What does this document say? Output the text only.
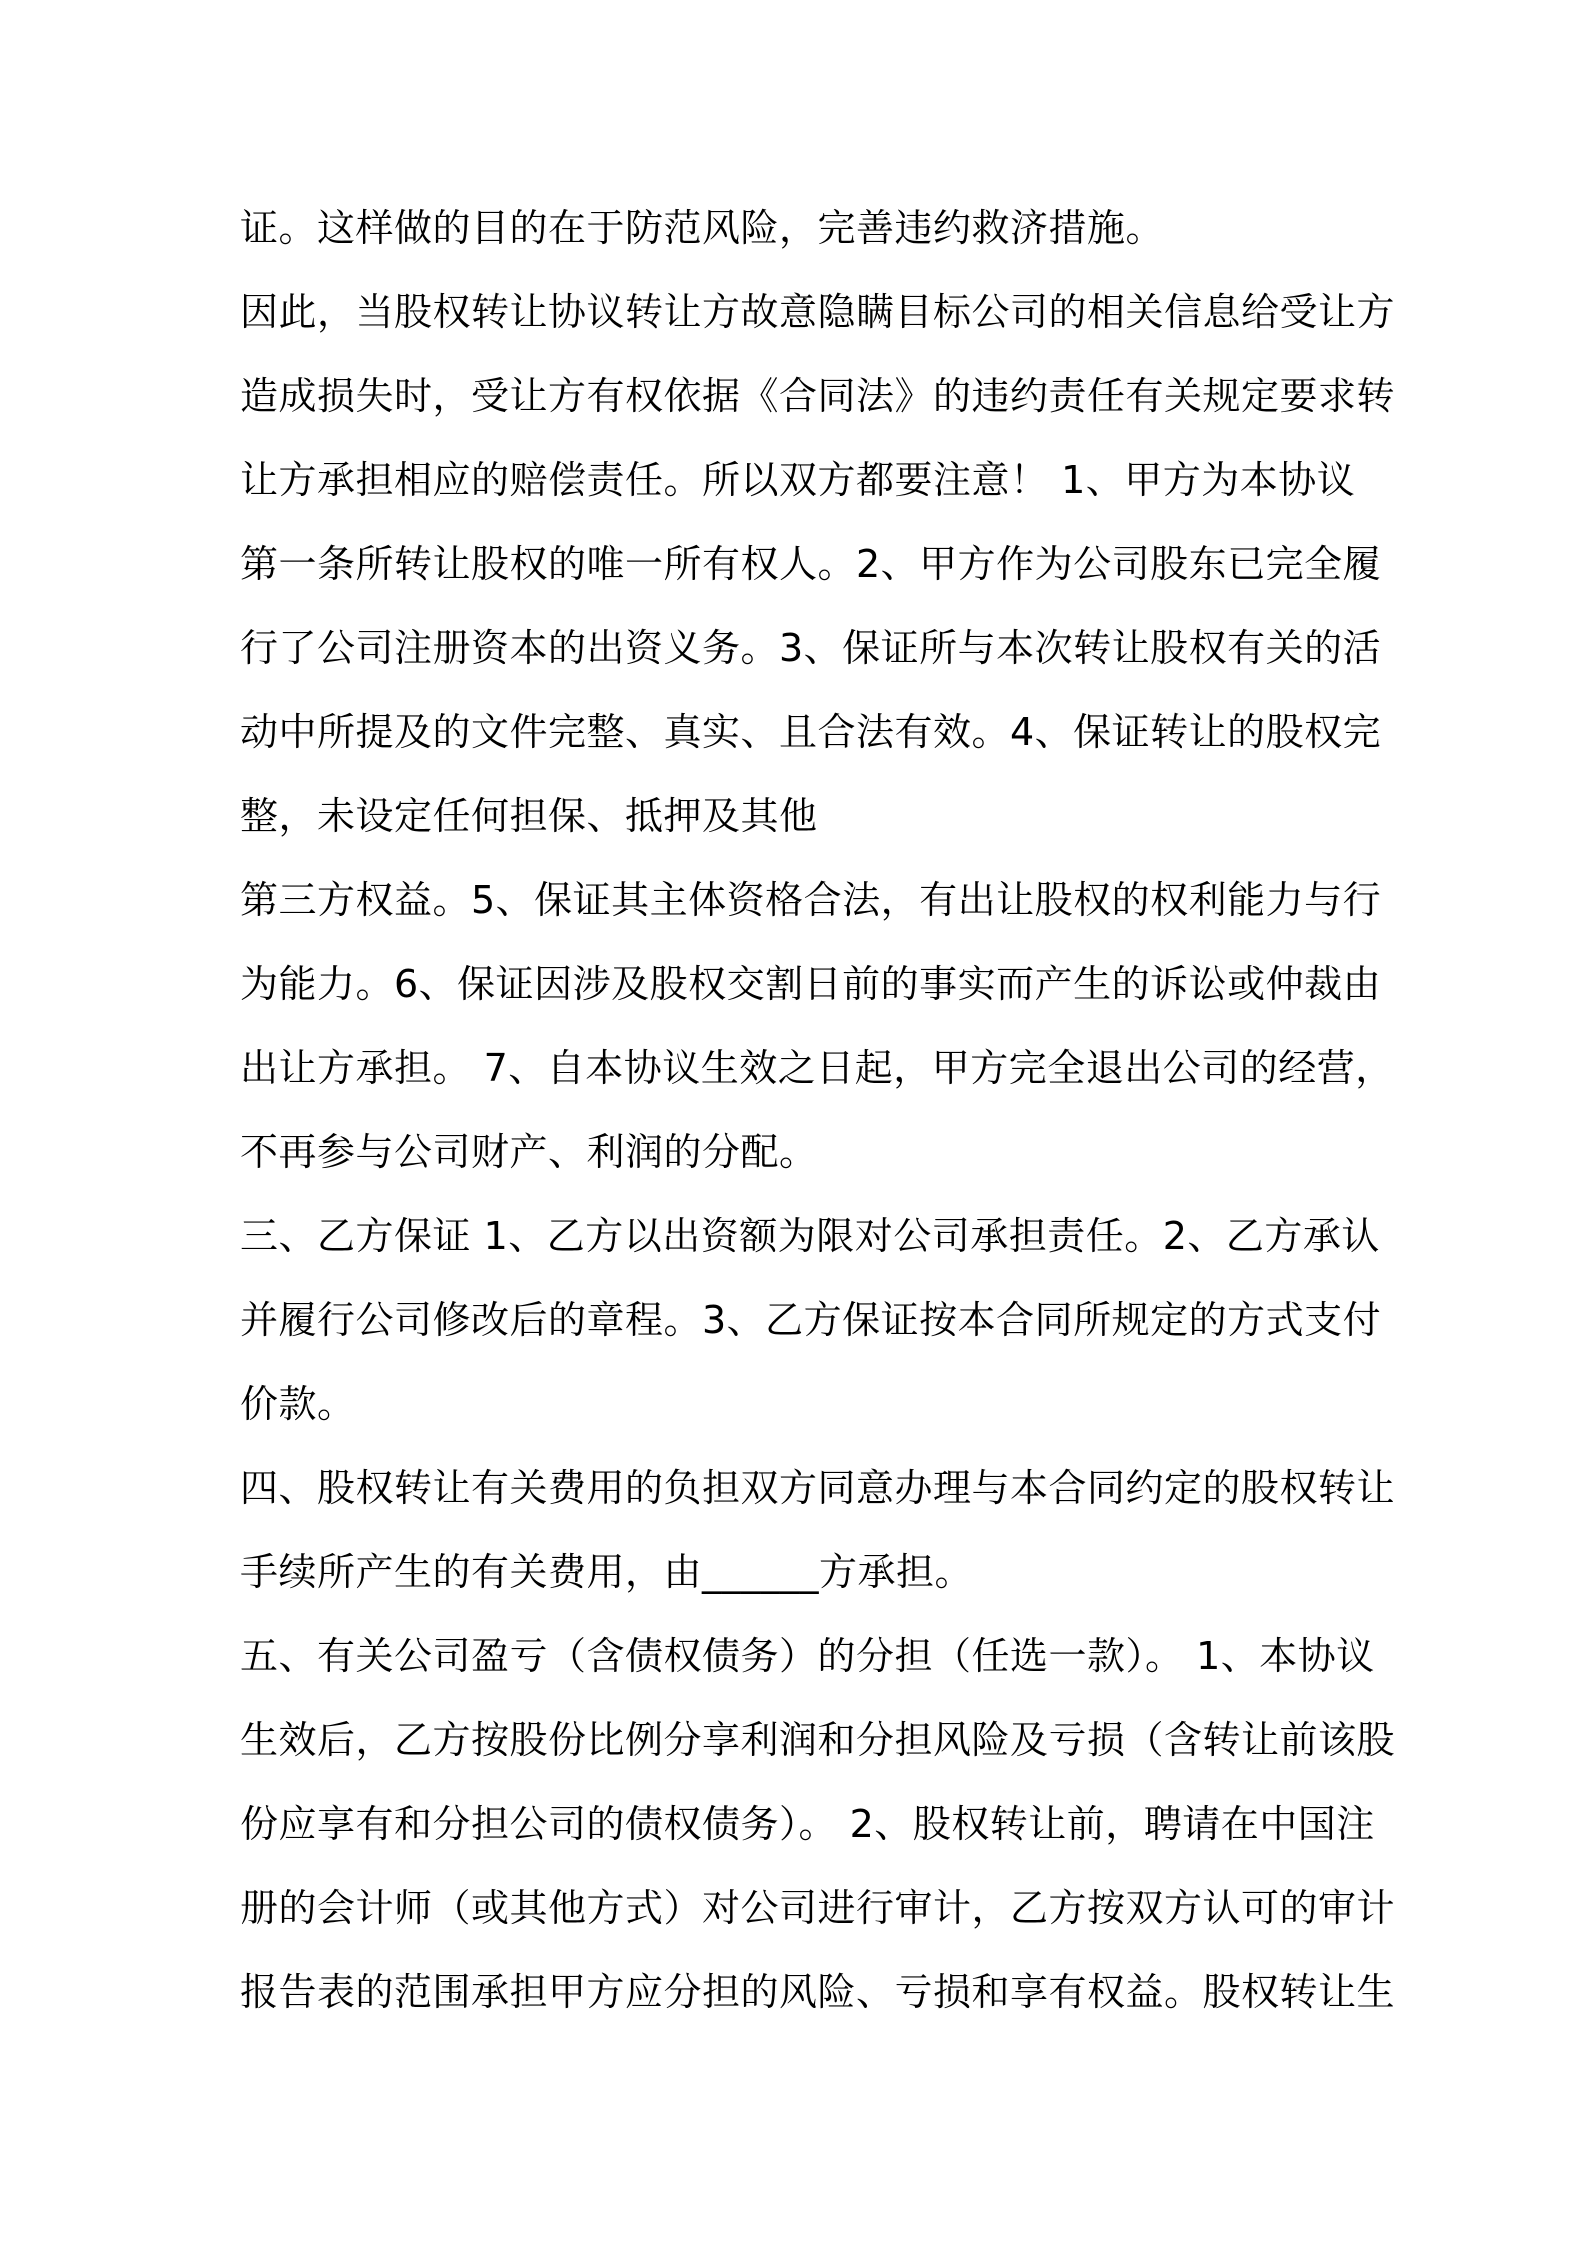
证。这样做的目的在于防范风险，完善违约救济措施。
因此，当股权转让协议转让方故意隐瞒目标公司的相关信息给受让方
造成损失时，受让方有权依据《合同法》的违约责任有关规定要求转
让方承担相应的赔偿责任。所以双方都要注意！ 1、甲方为本协议
第一条所转让股权的唯一所有权人。2、甲方作为公司股东已完全履
行了公司注册资本的出资义务。3、保证所与本次转让股权有关的活
动中所提及的文件完整、真实、且合法有效。4、保证转让的股权完
整，未设定任何担保、抵押及其他
第三方权益。5、保证其主体资格合法，有出让股权的权利能力与行
为能力。6、保证因涉及股权交割日前的事实而产生的诉讼或仲裁由
出让方承担。 7、自本协议生效之日起，甲方完全退出公司的经营，
不再参与公司财产、利润的分配。
三、乙方保证 1、乙方以出资额为限对公司承担责任。2、乙方承认
并履行公司修改后的章程。3、乙方保证按本合同所规定的方式支付
价款。
四、股权转让有关费用的负担双方同意办理与本合同约定的股权转让
手续所产生的有关费用，由______方承担。
五、有关公司盈亏（含债权债务）的分担（任选一款）。 1、本协议
生效后，乙方按股份比例分享利润和分担风险及亏损（含转让前该股
份应享有和分担公司的债权债务）。 2、股权转让前，聘请在中国注
册的会计师（或其他方式）对公司进行审计，乙方按双方认可的审计
报告表的范围承担甲方应分担的风险、亏损和享有权益。股权转让生
